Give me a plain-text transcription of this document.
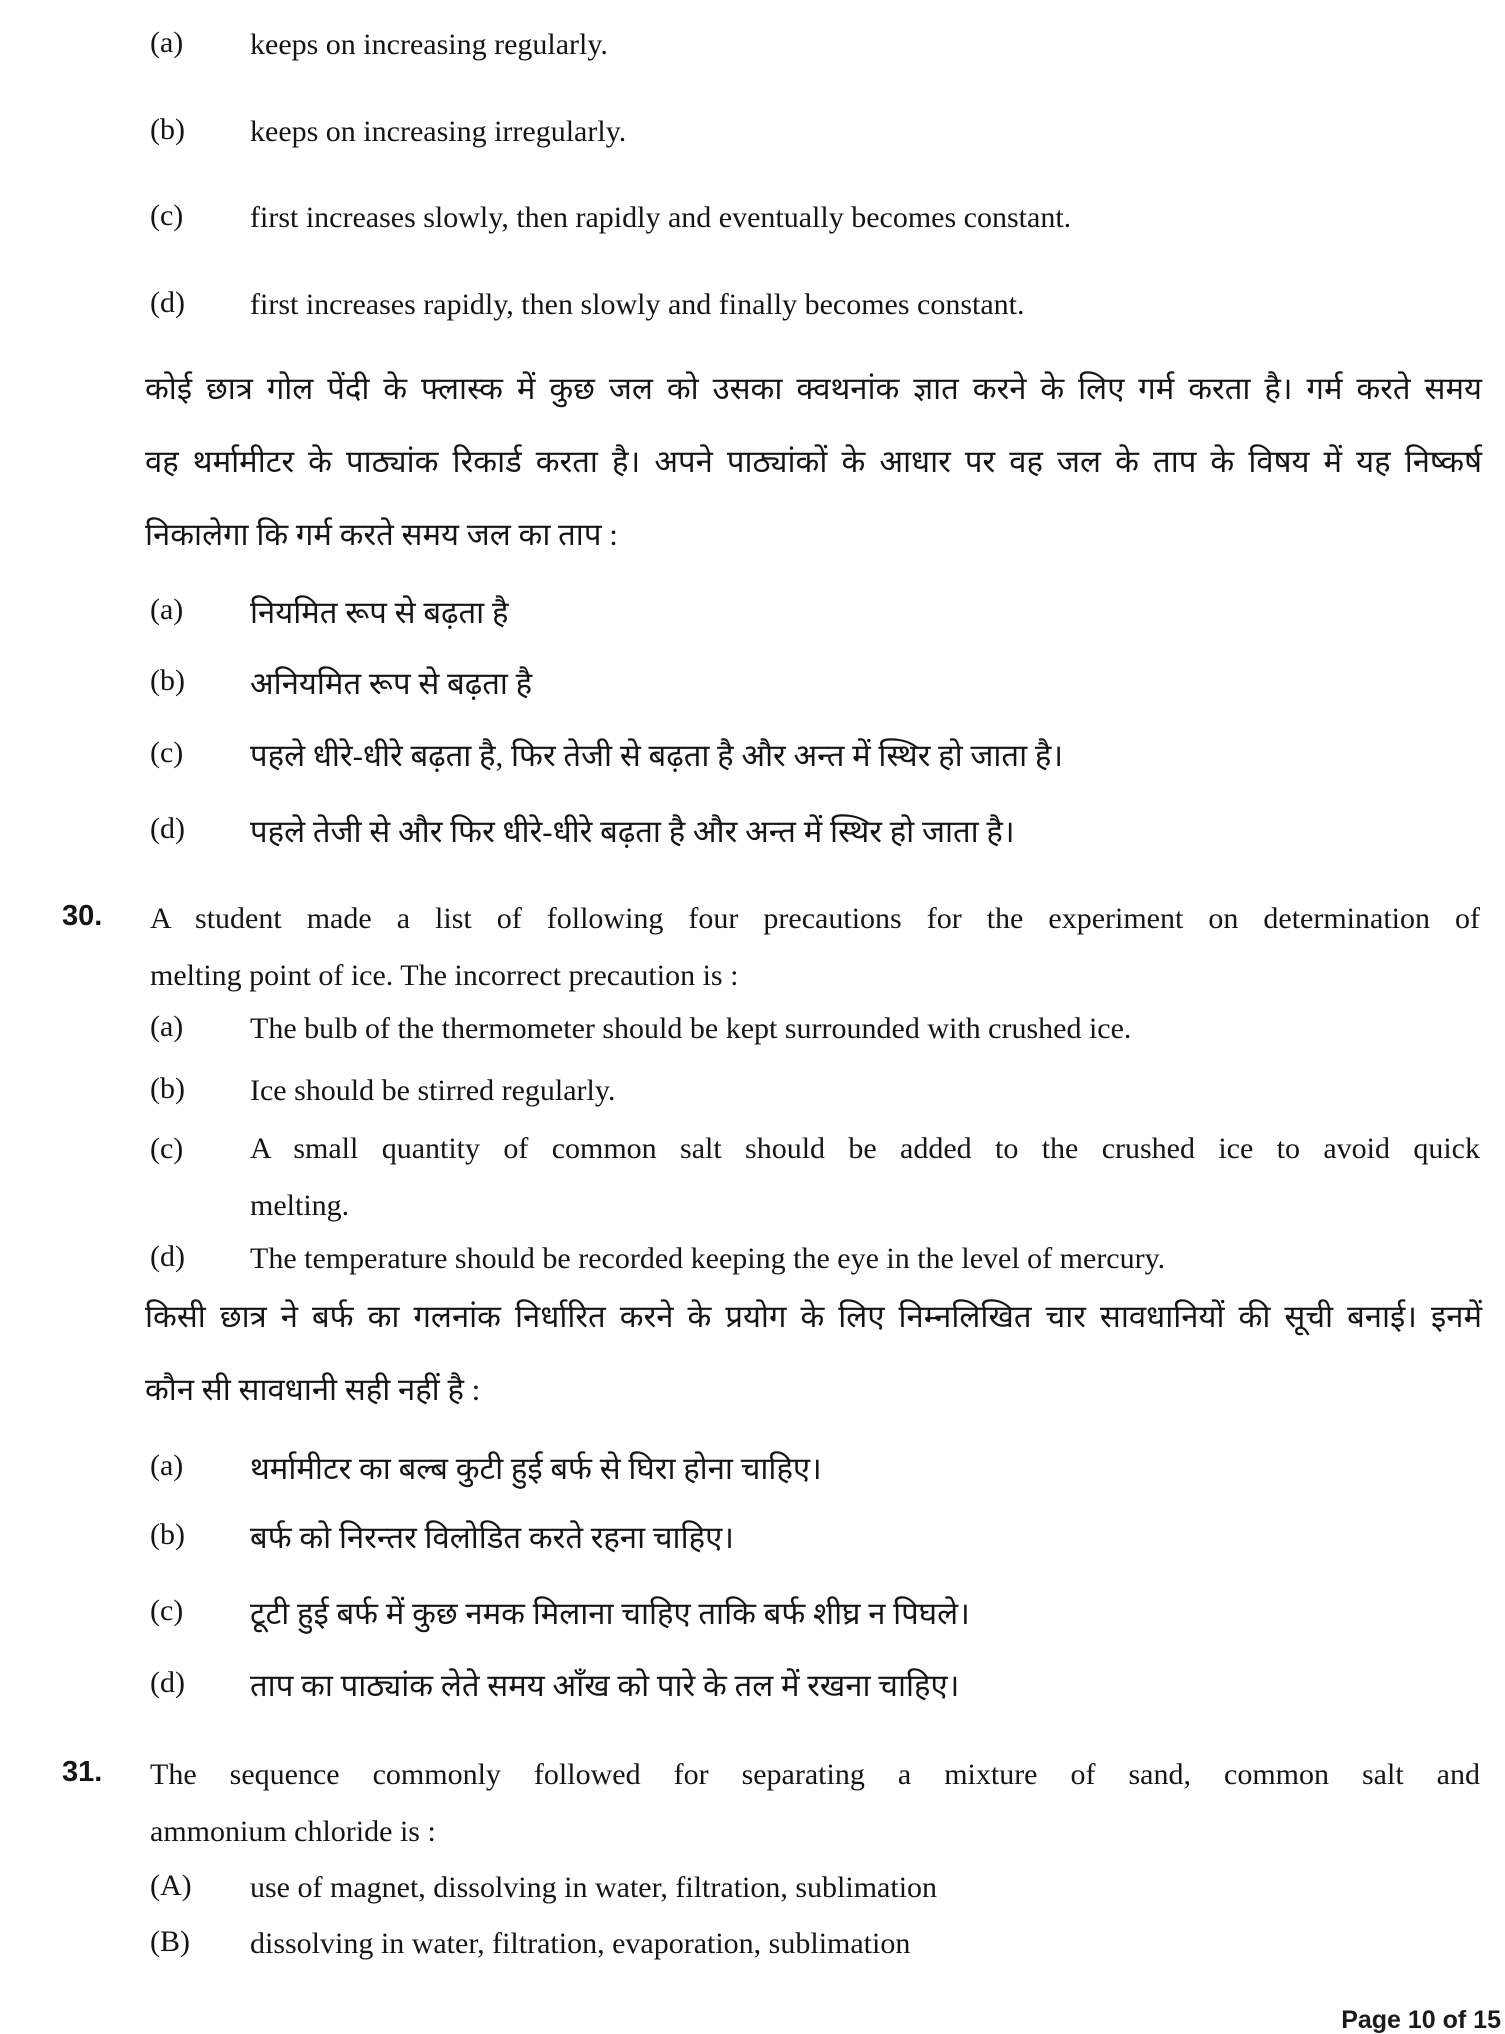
(a)	keeps on increasing regularly.
(b)	keeps on increasing irregularly.
(c)	first increases slowly, then rapidly and eventually becomes constant.
(d)	first increases rapidly, then slowly and finally becomes constant.
कोई छात्र गोल पेंदी के फ्लास्क में कुछ जल को उसका क्वथनांक ज्ञात करने के लिए गर्म करता है। गर्म करते समय
वह थर्मामीटर के पाठ्यांक रिकार्ड करता है। अपने पाठ्यांकों के आधार पर वह जल के ताप के विषय में यह निष्कर्ष
निकालेगा कि गर्म करते समय जल का ताप :
(a)	नियमित रूप से बढ़ता है
(b)	अनियमित रूप से बढ़ता है
(c)	पहले धीरे-धीरे बढ़ता है, फिर तेजी से बढ़ता है और अन्त में स्थिर हो जाता है।
(d)	पहले तेजी से और फिर धीरे-धीरे बढ़ता है और अन्त में स्थिर हो जाता है।
30. A student made a list of following four precautions for the experiment on determination of
melting point of ice. The incorrect precaution is :
(a)	The bulb of the thermometer should be kept surrounded with crushed ice.
(b)	Ice should be stirred regularly.
(c)	A small quantity of common salt should be added to the crushed ice to avoid quick
melting.
(d)	The temperature should be recorded keeping the eye in the level of mercury.
किसी छात्र ने बर्फ का गलनांक निर्धारित करने के प्रयोग के लिए निम्नलिखित चार सावधानियों की सूची बनाई। इनमें
कौन सी सावधानी सही नहीं है :
(a)	थर्मामीटर का बल्ब कुटी हुई बर्फ से घिरा होना चाहिए।
(b)	बर्फ को निरन्तर विलोडित करते रहना चाहिए।
(c)	टूटी हुई बर्फ में कुछ नमक मिलाना चाहिए ताकि बर्फ शीघ्र न पिघले।
(d)	ताप का पाठ्यांक लेते समय आँख को पारे के तल में रखना चाहिए।
31. The sequence commonly followed for separating a mixture of sand, common salt and
ammonium chloride is :
(A)	use of magnet, dissolving in water, filtration, sublimation
(B)	dissolving in water, filtration, evaporation, sublimation
Page 10 of 15
